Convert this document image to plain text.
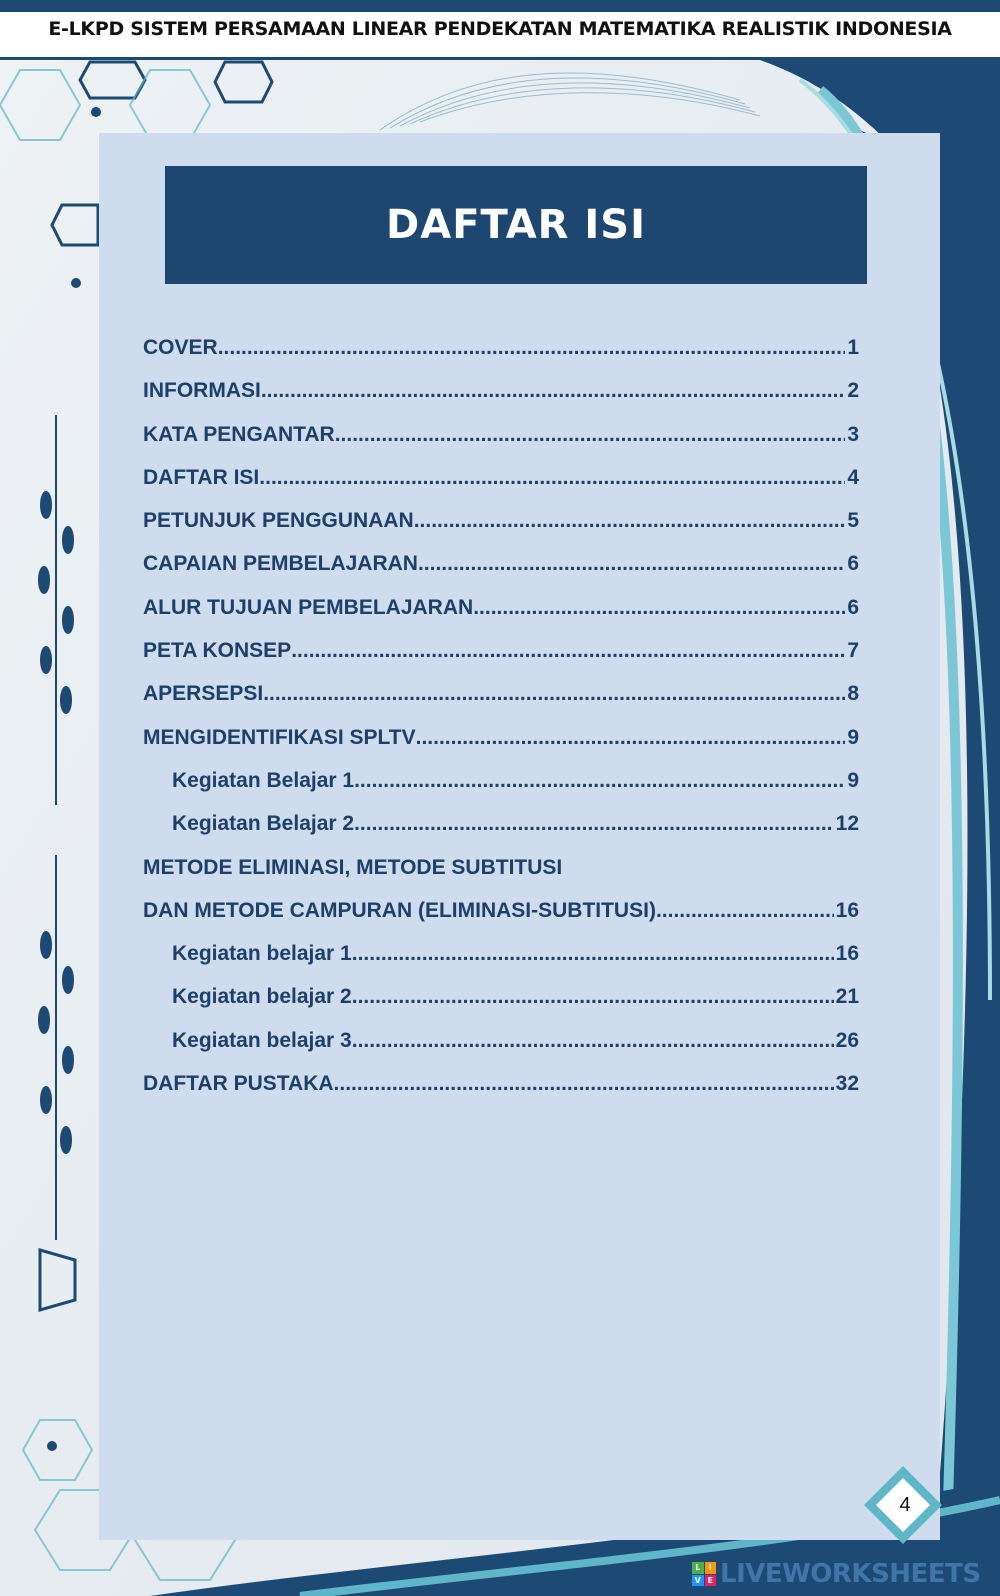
E-LKPD SISTEM PERSAMAAN LINEAR PENDEKATAN MATEMATIKA REALISTIK INDONESIA
DAFTAR ISI
COVER .....	1
INFORMASI .....	2
KATA PENGANTAR .....	3
DAFTAR ISI .....	4
PETUNJUK PENGGUNAAN .....	5
CAPAIAN PEMBELAJARAN .....	6
ALUR TUJUAN PEMBELAJARAN .....	6
PETA KONSEP .....	7
APERSEPSI .....	8
MENGIDENTIFIKASI SPLTV .....	9
Kegiatan Belajar 1 .....	9
Kegiatan Belajar 2 .....	12
METODE ELIMINASI, METODE SUBTITUSI
DAN METODE CAMPURAN (ELIMINASI-SUBTITUSI) .....	16
Kegiatan belajar 1 .....	16
Kegiatan belajar 2 .....	21
Kegiatan belajar 3 .....	26
DAFTAR PUSTAKA .....	32
4
L	I
V E LIVEWORKSHEETS
